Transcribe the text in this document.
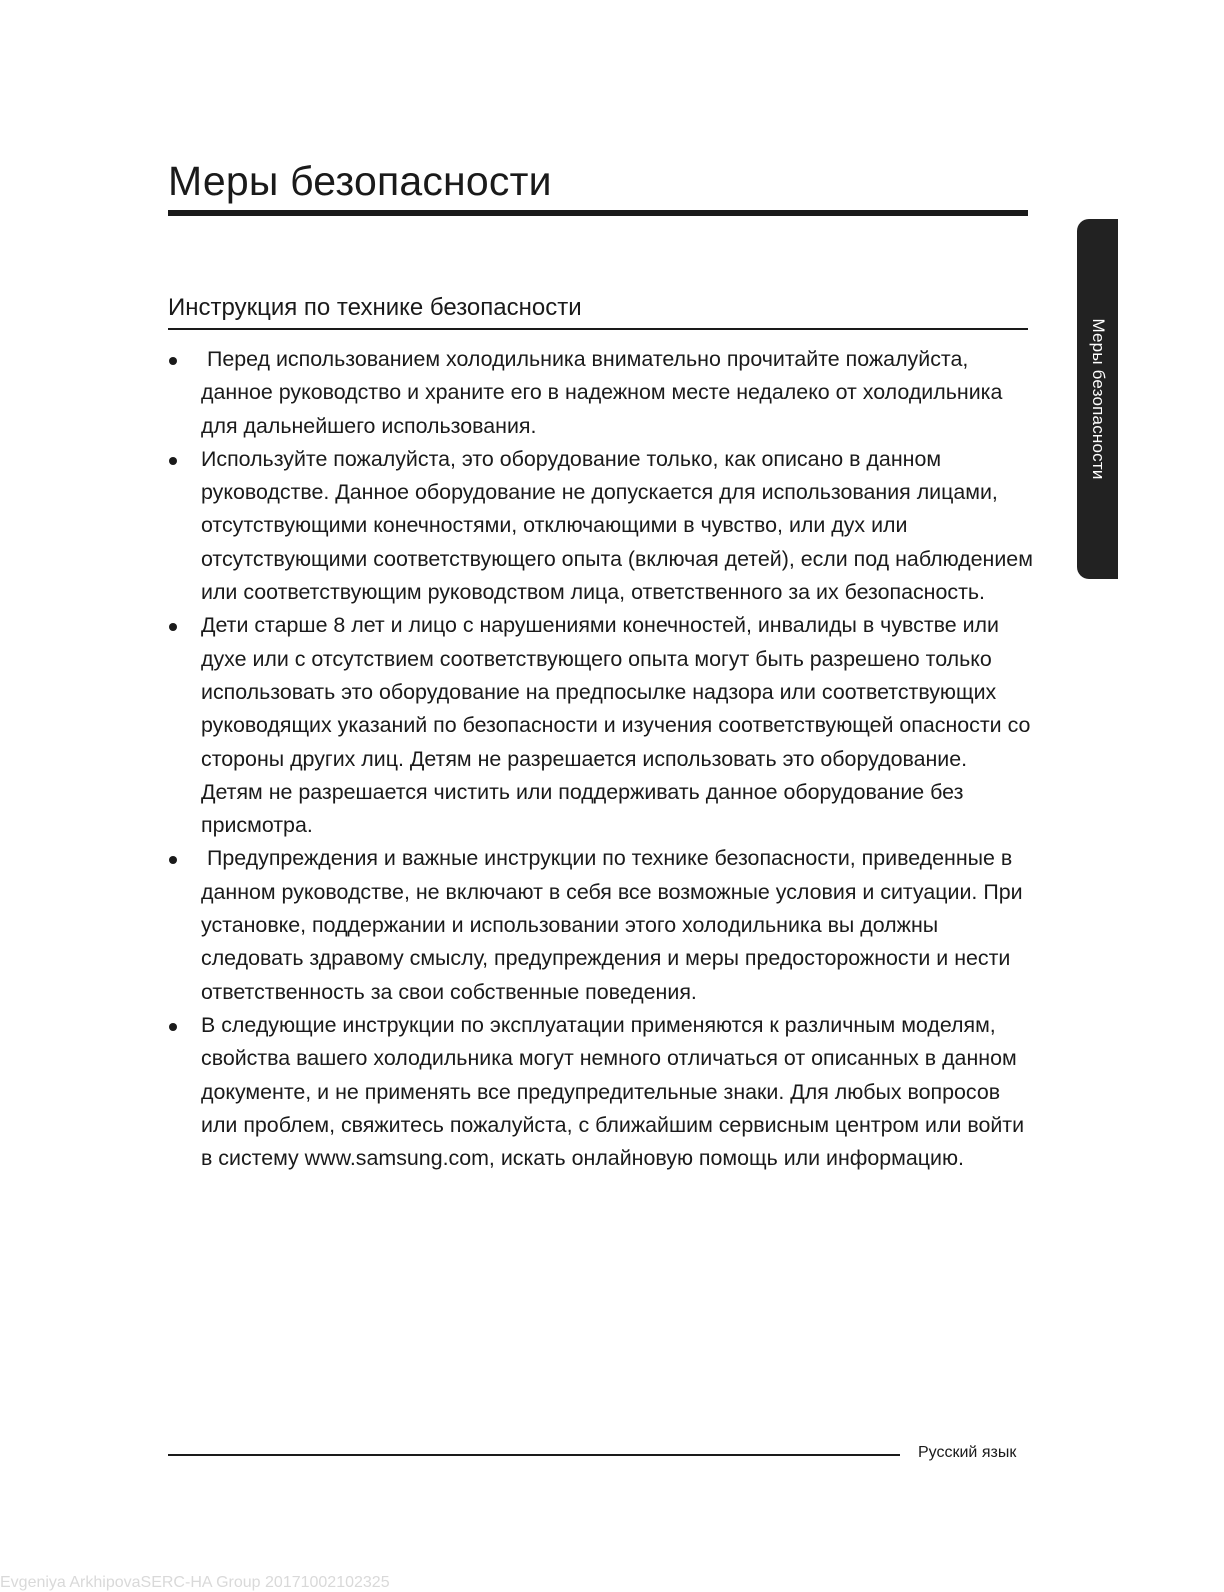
Меры безопасности
Инструкция по технике безопасности
Перед использованием холодильника внимательно прочитайте пожалуйста, данное руководство и храните его в надежном месте недалеко от холодильника для дальнейшего использования.
Используйте пожалуйста, это оборудование только, как описано в данном руководстве. Данное оборудование не допускается для использования лицами, отсутствующими конечностями, отключающими в чувство, или дух или отсутствующими соответствующего опыта (включая детей), если под наблюдением или соответствующим руководством лица, ответственного за их безопасность.
Дети старше 8 лет и лицо с нарушениями конечностей, инвалиды в чувстве или духе или с отсутствием соответствующего опыта могут быть разрешено только использовать это оборудование на предпосылке надзора или соответствующих руководящих указаний по безопасности и изучения соответствующей опасности со стороны других лиц. Детям не разрешается использовать это оборудование. Детям не разрешается чистить или поддерживать данное оборудование без присмотра.
Предупреждения и важные инструкции по технике безопасности, приведенные в данном руководстве, не включают в себя все возможные условия и ситуации. При установке, поддержании и использовании этого холодильника вы должны следовать здравому смыслу, предупреждения и меры предосторожности и нести ответственность за свои собственные поведения.
В следующие инструкции по эксплуатации применяются к различным моделям, свойства вашего холодильника могут немного отличаться от описанных в данном документе, и не применять все предупредительные знаки. Для любых вопросов или проблем, свяжитесь пожалуйста, с ближайшим сервисным центром или войти в систему www.samsung.com, искать онлайновую помощь или информацию.
Меры безопасности
Русский язык
Evgeniya ArkhipovaSERC-HA Group 20171002102325
